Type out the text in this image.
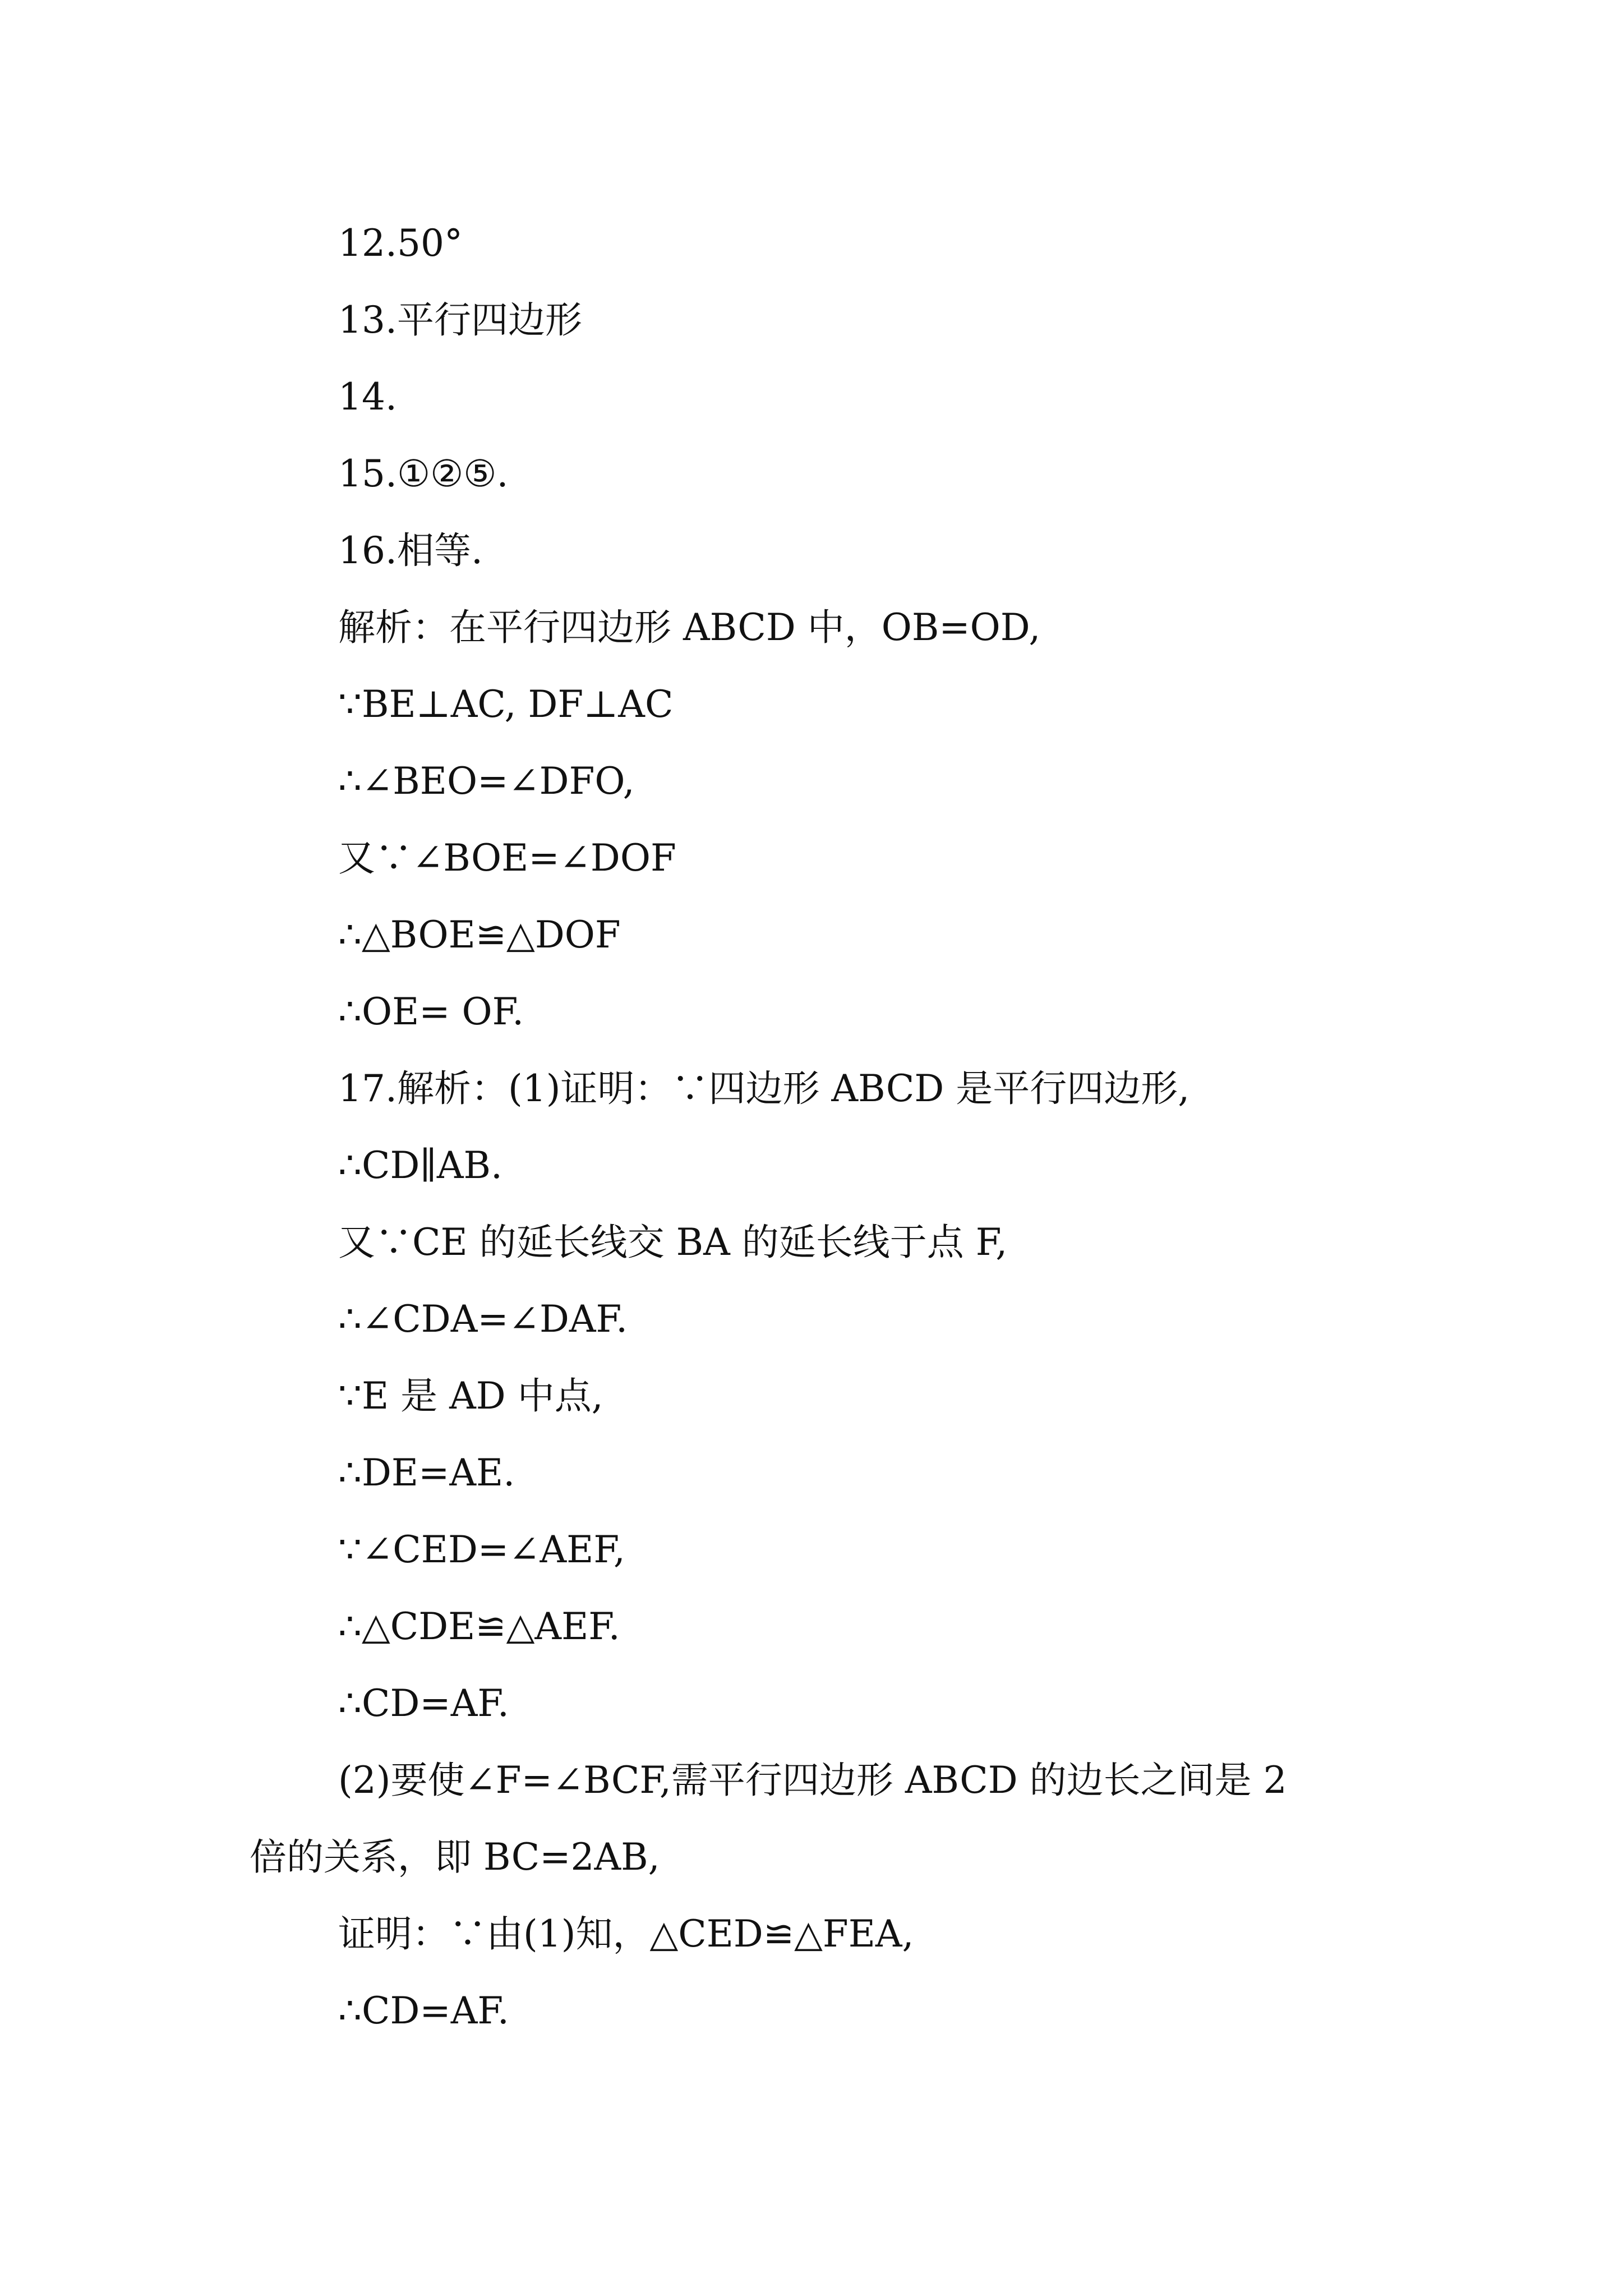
12.50°
13.平行四边形
14.
15.①②⑤.
16.相等.
解析：在平行四边形 ABCD 中，OB=OD,
∵BE⊥AC, DF⊥AC
∴∠BEO=∠DFO,
又∵∠BOE=∠DOF
∴△BOE≌△DOF
∴OE= OF.
17.解析：(1)证明：∵四边形 ABCD 是平行四边形,
∴CD∥AB.
又∵CE 的延长线交 BA 的延长线于点 F,
∴∠CDA=∠DAF.
∵E 是 AD 中点,
∴DE=AE.
∵∠CED=∠AEF,
∴△CDE≌△AEF.
∴CD=AF.
(2)要使∠F=∠BCF,需平行四边形 ABCD 的边长之间是 2
倍的关系，即 BC=2AB,
证明：∵由(1)知，△CED≌△FEA,
∴CD=AF.
